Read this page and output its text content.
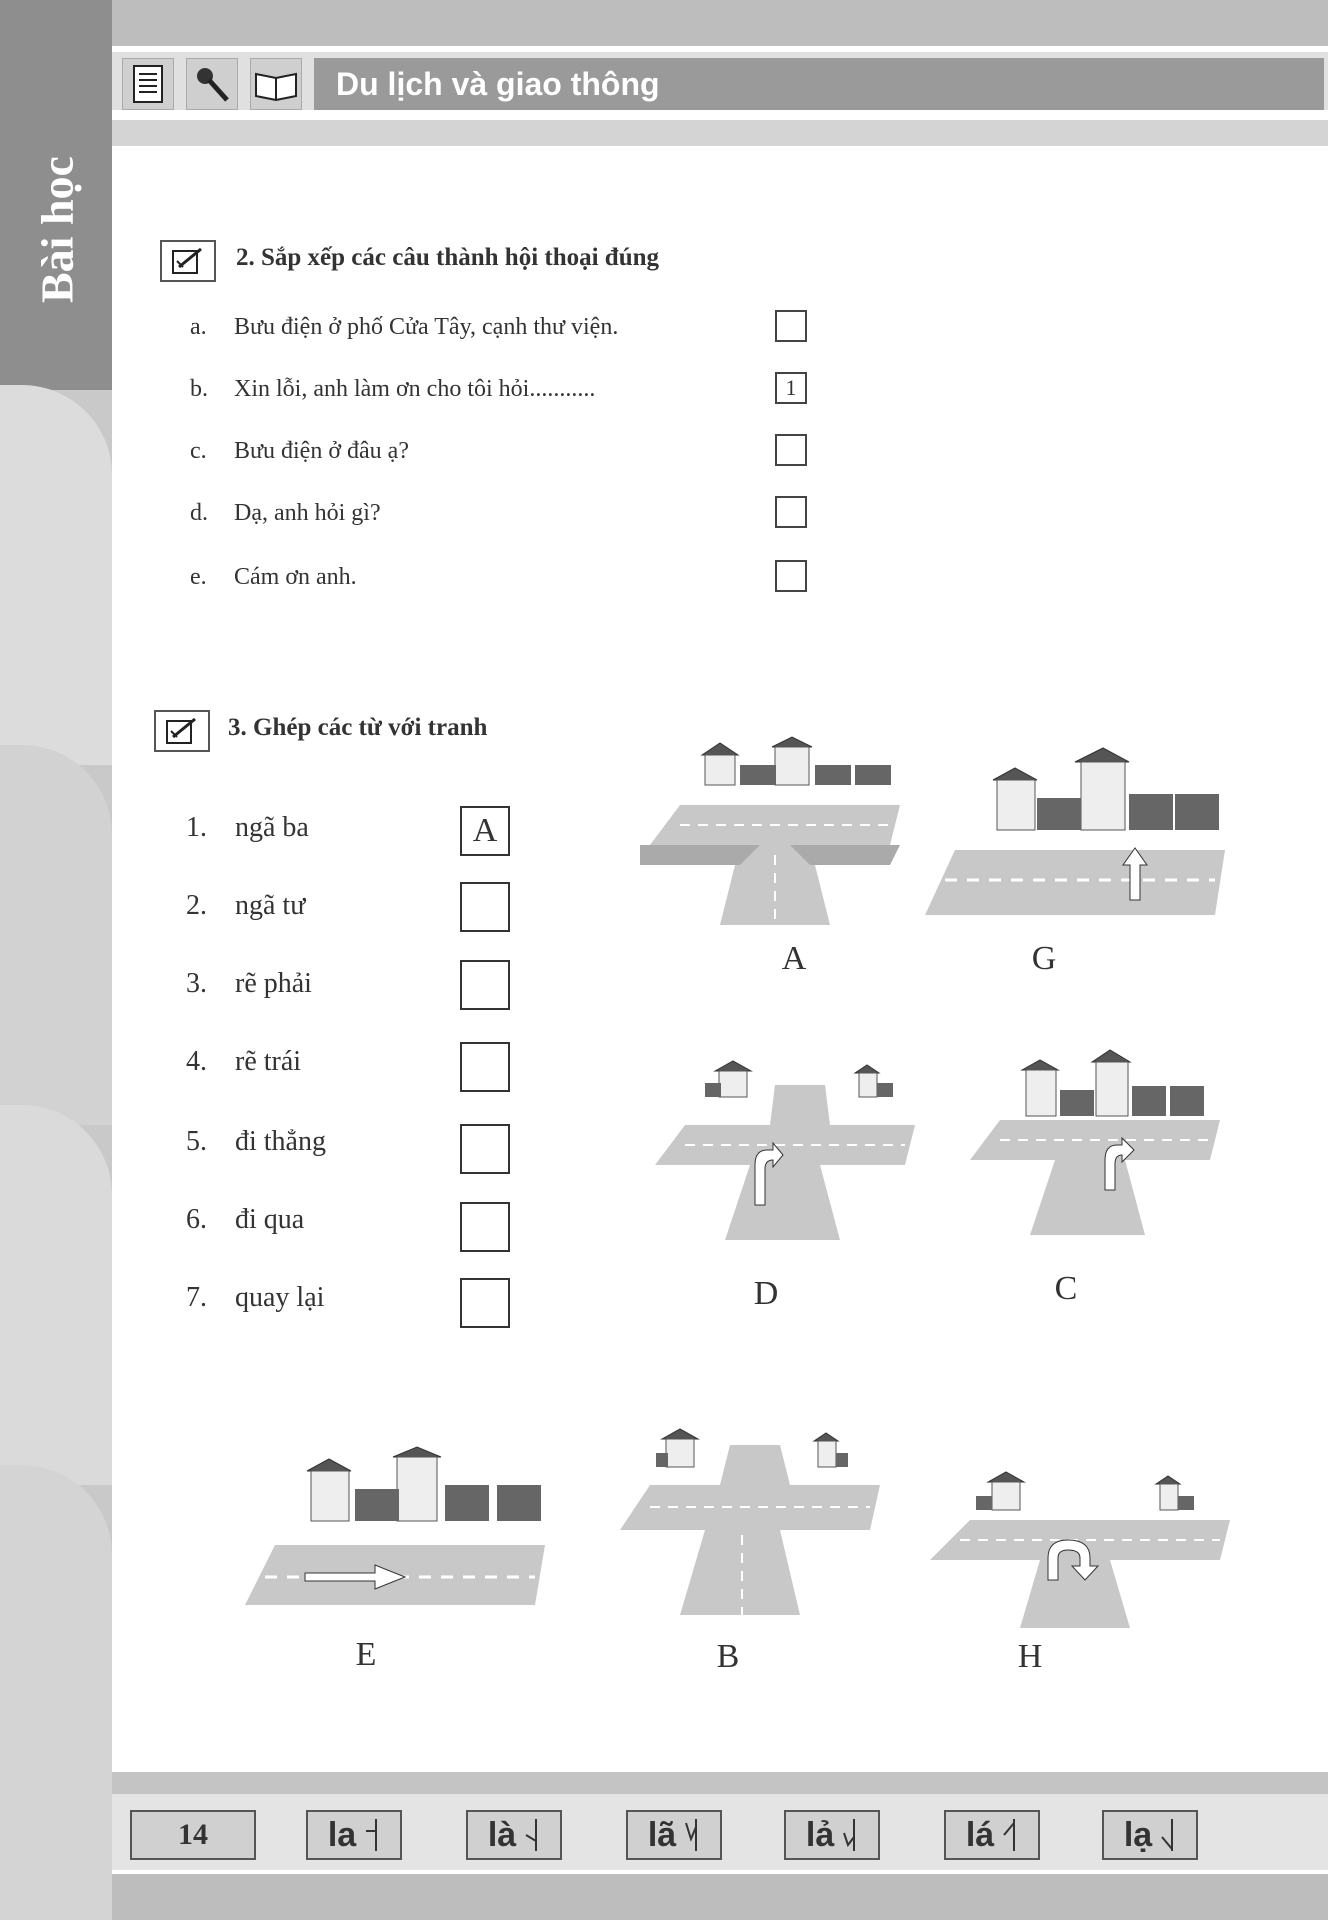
Bài học
Du lịch và giao thông
2. Sắp xếp các câu thành hội thoại đúng
a. Bưu điện ở phố Cửa Tây, cạnh thư viện.
b. Xin lỗi, anh làm ơn cho tôi hỏi...........	1
c. Bưu điện ở đâu ạ?
d. Dạ, anh hỏi gì?
e. Cám ơn anh.
3. Ghép các từ với tranh
1. ngã ba	A
2. ngã tư
3. rẽ phải
4. rẽ trái
5. đi thẳng
6. đi qua
7. quay lại
A	G
D	C
E	B	H
14	la	là	lã	lả	lá	lạ
